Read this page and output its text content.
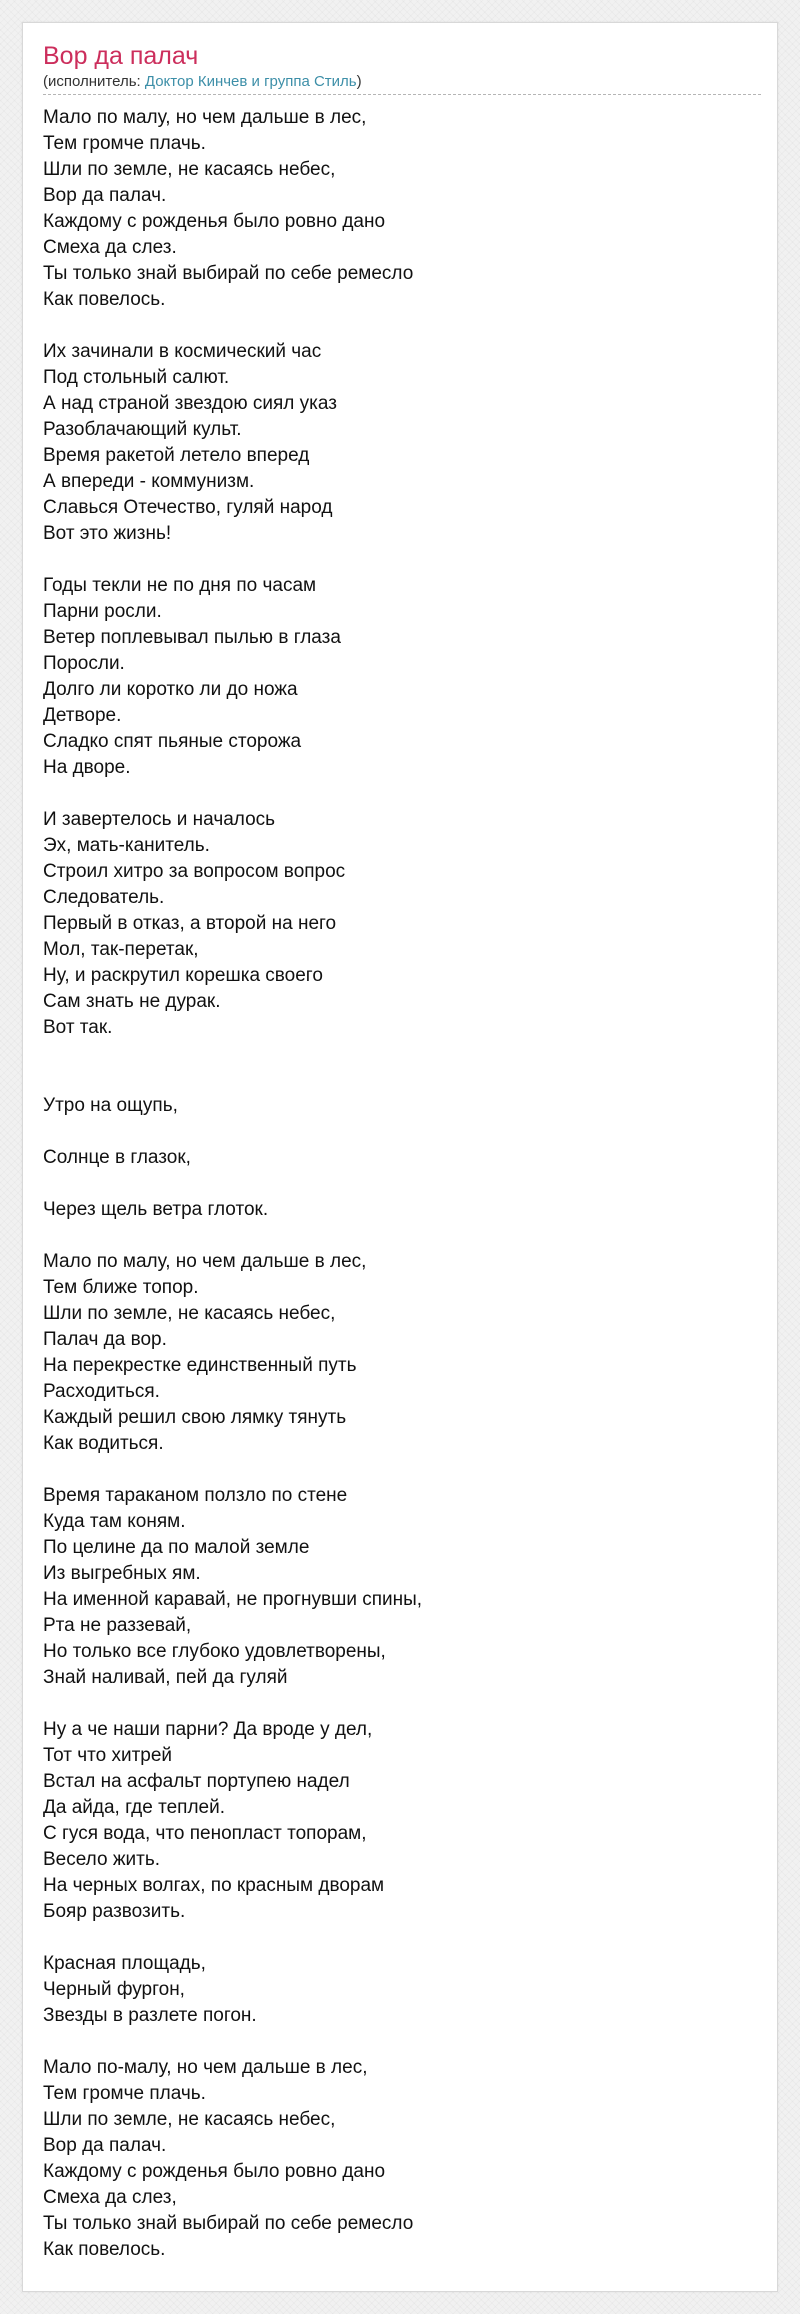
Вор да палач
(исполнитель: Доктор Кинчев и группа Стиль)
Мало по малу, но чем дальше в лес,
Тем громче плачь.
Шли по земле, не касаясь небес,
Вор да палач.
Каждому с рожденья было ровно дано
Смеха да слез.
Ты только знай выбирай по себе ремесло
Как повелось.
Их зачинали в космический час
Под стольный салют.
А над страной звездою сиял указ
Разоблачающий культ.
Время ракетой летело вперед
А впереди - коммунизм.
Славься Отечество, гуляй народ
Вот это жизнь!
Годы текли не по дня по часам
Парни росли.
Ветер поплевывал пылью в глаза
Поросли.
Долго ли коротко ли до ножа
Детворе.
Сладко спят пьяные сторожа
На дворе.
И завертелось и началось
Эх, мать-канитель.
Строил хитро за вопросом вопрос
Следователь.
Первый в отказ, а второй на него
Мол, так-перетак,
Ну, и раскрутил корешка своего
Сам знать не дурак.
Вот так.
Утро на ощупь,
Солнце в глазок,
Через щель ветра глоток.
Мало по малу, но чем дальше в лес,
Тем ближе топор.
Шли по земле, не касаясь небес,
Палач да вор.
На перекрестке единственный путь
Расходиться.
Каждый решил свою лямку тянуть
Как водиться.
Время тараканом ползло по стене
Куда там коням.
По целине да по малой земле
Из выгребных ям.
На именной каравай, не прогнувши спины,
Рта не раззевай,
Но только все глубоко удовлетворены,
Знай наливай, пей да гуляй
Ну а че наши парни? Да вроде у дел,
Тот что хитрей
Встал на асфальт портупею надел
Да айда, где теплей.
С гуся вода, что пенопласт топорам,
Весело жить.
На черных волгах, по красным дворам
Бояр развозить.
Красная площадь,
Черный фургон,
Звезды в разлете погон.
Мало по-малу, но чем дальше в лес,
Тем громче плачь.
Шли по земле, не касаясь небес,
Вор да палач.
Каждому с рожденья было ровно дано
Смеха да слез,
Ты только знай выбирай по себе ремесло
Как повелось.
